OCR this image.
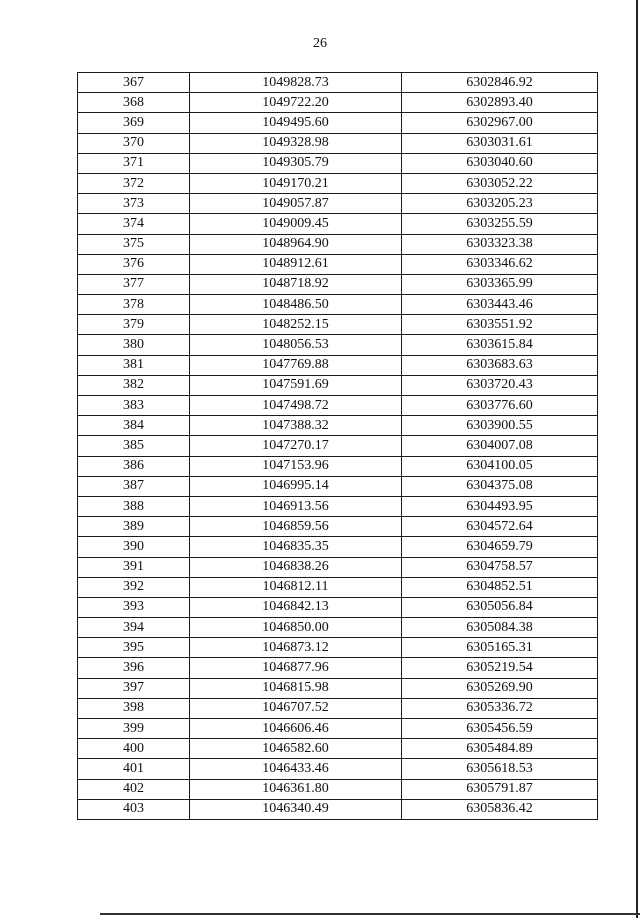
26
367	1049828.73	6302846.92
368	1049722.20	6302893.40
369	1049495.60	6302967.00
370	1049328.98	6303031.61
371	1049305.79	6303040.60
372	1049170.21	6303052.22
373	1049057.87	6303205.23
374	1049009.45	6303255.59
375	1048964.90	6303323.38
376	1048912.61	6303346.62
377	1048718.92	6303365.99
378	1048486.50	6303443.46
379	1048252.15	6303551.92
380	1048056.53	6303615.84
381	1047769.88	6303683.63
382	1047591.69	6303720.43
383	1047498.72	6303776.60
384	1047388.32	6303900.55
385	1047270.17	6304007.08
386	1047153.96	6304100.05
387	1046995.14	6304375.08
388	1046913.56	6304493.95
389	1046859.56	6304572.64
390	1046835.35	6304659.79
391	1046838.26	6304758.57
392	1046812.11	6304852.51
393	1046842.13	6305056.84
394	1046850.00	6305084.38
395	1046873.12	6305165.31
396	1046877.96	6305219.54
397	1046815.98	6305269.90
398	1046707.52	6305336.72
399	1046606.46	6305456.59
400	1046582.60	6305484.89
401	1046433.46	6305618.53
402	1046361.80	6305791.87
403	1046340.49	6305836.42
